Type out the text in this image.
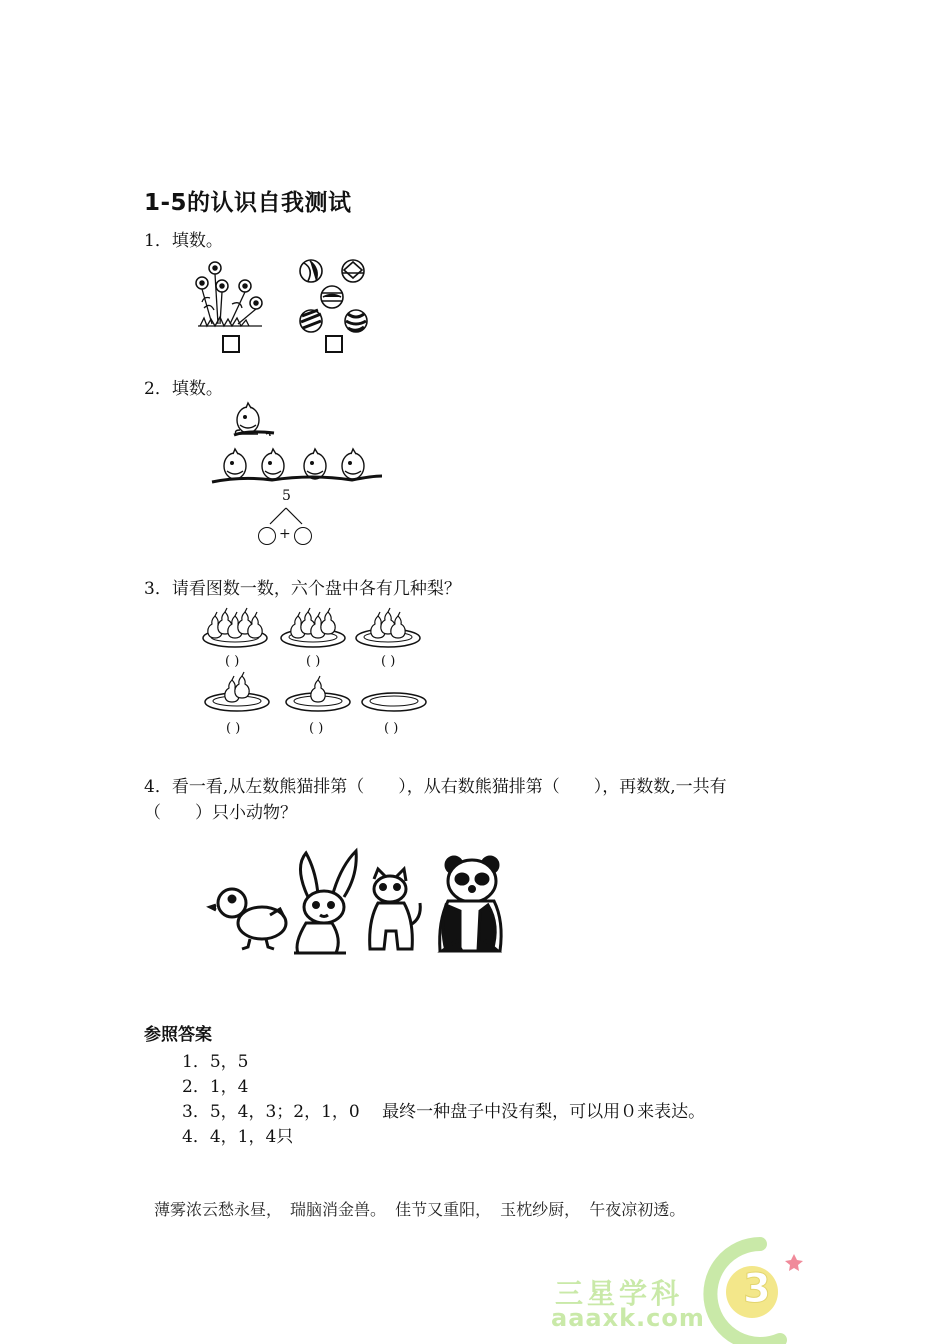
1-5的认识自我测试
1．填数。
2．填数。
5
+
3．请看图数一数，六个盘中各有几种梨？
( )	( )	( )
( )	( )	( )
4．看一看,从左数熊猫排第（　　），从右数熊猫排第（　　），再数数,一共有
（　　）只小动物？
参照答案
1．5，5
2．1，4
3．5，4，3；2，1，0　 最终一种盘子中没有梨，可以用０来表达。
4．4，1，4只
薄雾浓云愁永昼，　瑞脑消金兽。 佳节又重阳， 玉枕纱厨， 午夜凉初透。
3
三星学科
aaaxk.com
